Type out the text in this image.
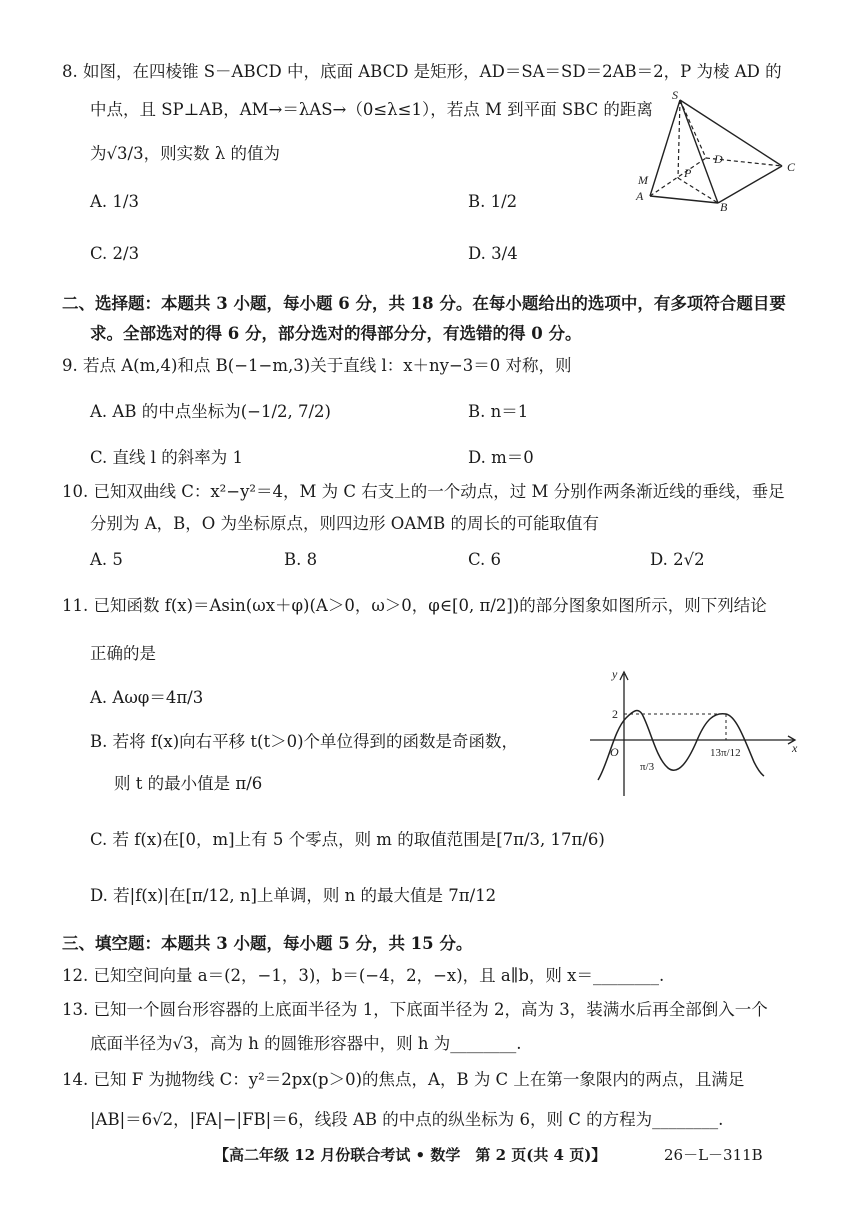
8. 如图，在四棱锥 S－ABCD 中，底面 ABCD 是矩形，AD＝SA＝SD＝2AB＝2，P 为棱 AD 的
中点，且 SP⊥AB，AM→＝λAS→（0≤λ≤1），若点 M 到平面 SBC 的距离
为√3/3，则实数 λ 的值为
A. 1/3	B. 1/2
C. 2/3	D. 3/4
S
D
C
P
M
A
B
二、选择题：本题共 3 小题，每小题 6 分，共 18 分。在每小题给出的选项中，有多项符合题目要
求。全部选对的得 6 分，部分选对的得部分分，有选错的得 0 分。
9. 若点 A(m,4)和点 B(−1−m,3)关于直线 l：x＋ny−3＝0 对称，则
A. AB 的中点坐标为(−1/2, 7/2)	B. n＝1
C. 直线 l 的斜率为 1	D. m＝0
10. 已知双曲线 C：x²−y²＝4，M 为 C 右支上的一个动点，过 M 分别作两条渐近线的垂线，垂足
分别为 A，B，O 为坐标原点，则四边形 OAMB 的周长的可能取值有
A. 5	B. 8	C. 6	D. 2√2
11. 已知函数 f(x)＝Asin(ωx＋φ)(A＞0，ω＞0，φ∈[0, π/2])的部分图象如图所示，则下列结论
正确的是
A. Aωφ＝4π/3
B. 若将 f(x)向右平移 t(t＞0)个单位得到的函数是奇函数，
则 t 的最小值是 π/6
C. 若 f(x)在[0，m]上有 5 个零点，则 m 的取值范围是[7π/3, 17π/6)
D. 若|f(x)|在[π/12, n]上单调，则 n 的最大值是 7π/12
y
x
O
2
π/3
13π/12
三、填空题：本题共 3 小题，每小题 5 分，共 15 分。
12. 已知空间向量 a＝(2，−1，3)，b＝(−4，2，−x)，且 a∥b，则 x＝________.
13. 已知一个圆台形容器的上底面半径为 1，下底面半径为 2，高为 3，装满水后再全部倒入一个
底面半径为√3，高为 h 的圆锥形容器中，则 h 为________.
14. 已知 F 为抛物线 C：y²＝2px(p＞0)的焦点，A，B 为 C 上在第一象限内的两点，且满足
|AB|＝6√2，|FA|−|FB|＝6，线段 AB 的中点的纵坐标为 6，则 C 的方程为________.
【高二年级 12 月份联合考试 • 数学　第 2 页(共 4 页)】	26－L－311B
